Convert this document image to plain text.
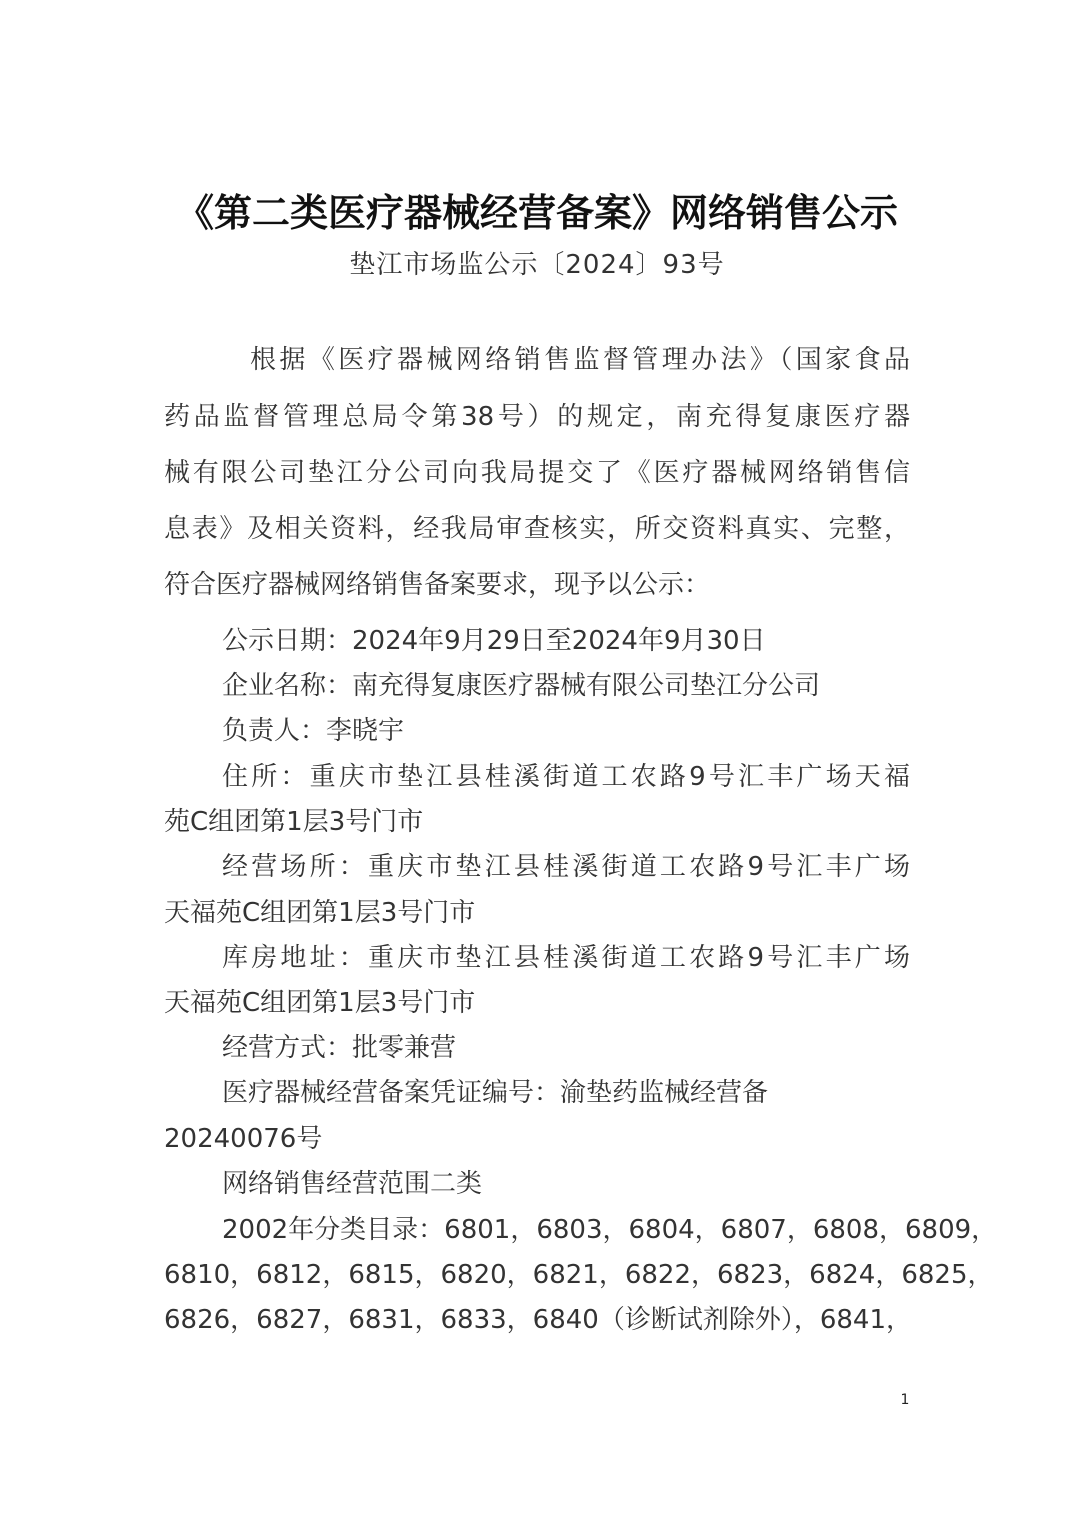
《第二类医疗器械经营备案》网络销售公示
垫江市场监公示〔2024〕93号
根据《医疗器械网络销售监督管理办法》（国家食品
药品监督管理总局令第38号）的规定，南充得复康医疗器
械有限公司垫江分公司向我局提交了《医疗器械网络销售信
息表》及相关资料，经我局审查核实，所交资料真实、完整，
符合医疗器械网络销售备案要求，现予以公示：
公示日期：2024年9月29日至2024年9月30日
企业名称：南充得复康医疗器械有限公司垫江分公司
负责人：李晓宇
住所：重庆市垫江县桂溪街道工农路9号汇丰广场天福
苑C组团第1层3号门市
经营场所：重庆市垫江县桂溪街道工农路9号汇丰广场
天福苑C组团第1层3号门市
库房地址：重庆市垫江县桂溪街道工农路9号汇丰广场
天福苑C组团第1层3号门市
经营方式：批零兼营
医疗器械经营备案凭证编号：渝垫药监械经营备
20240076号
网络销售经营范围二类
2002年分类目录：6801，6803，6804，6807，6808，6809，
6810，6812，6815，6820，6821，6822，6823，6824，6825，
6826，6827，6831，6833，6840（诊断试剂除外），6841，
1
